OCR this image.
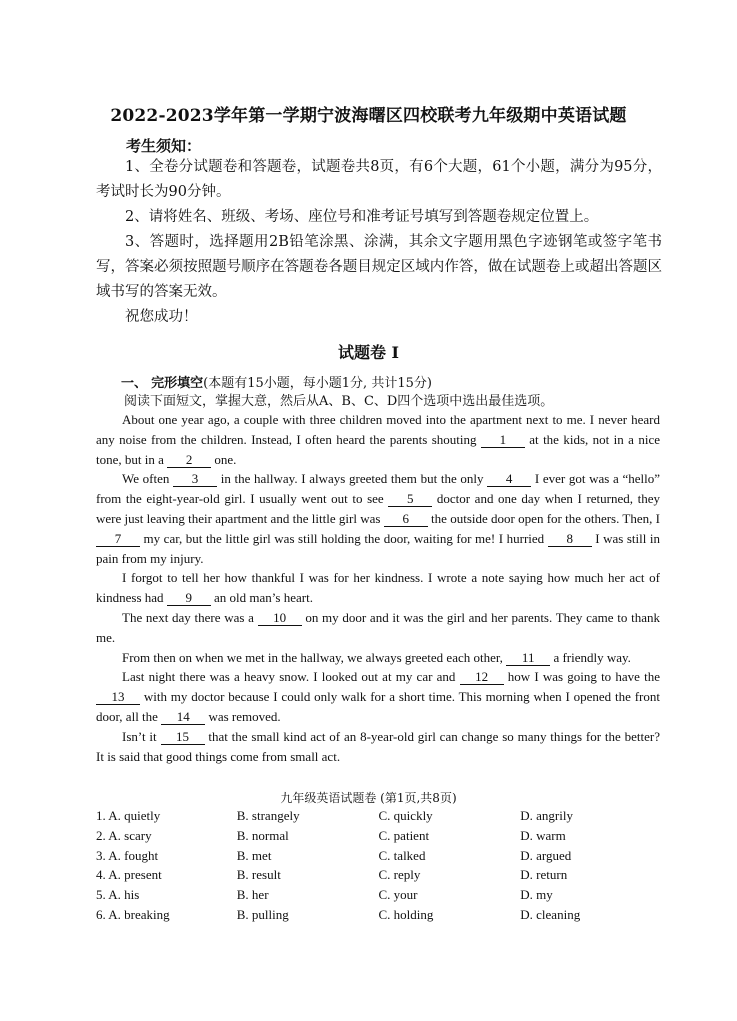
2022-2023学年第一学期宁波海曙区四校联考九年级期中英语试题
考生须知：

1、全卷分试题卷和答题卷，试题卷共8页，有6个大题，61个小题，满分为95分，考试时长为90分钟。

2、请将姓名、班级、考场、座位号和准考证号填写到答题卷规定位置上。

3、答题时，选择题用2B铅笔涂黑、涂满，其余文字题用黑色字迹钢笔或签字笔书写，答案必须按照题号顺序在答题卷各题目规定区域内作答，做在试题卷上或超出答题区域书写的答案无效。

祝您成功！

试题卷 I
一、 完形填空(本题有15小题，每小题1分, 共计15分)
阅读下面短文，掌握大意，然后从A、B、C、D四个选项中选出最佳选项。

About one year ago, a couple with three children moved into the apartment next to me. I never heard any noise from the children. Instead, I often heard the parents shouting 1 at the kids, not in a nice tone, but in a 2 one.

We often 3 in the hallway. I always greeted them but the only 4 I ever got was a “hello” from the eight-year-old girl. I usually went out to see 5 doctor and one day when I returned, they were just leaving their apartment and the little girl was 6 the outside door open for the others. Then, I 7 my car, but the little girl was still holding the door, waiting for me! I hurried 8 I was still in pain from my injury.

I forgot to tell her how thankful I was for her kindness. I wrote a note saying how much her act of kindness had 9 an old man’s heart.

The next day there was a 10 on my door and it was the girl and her parents. They came to thank me.

From then on when we met in the hallway, we always greeted each other, 11 a friendly way.

Last night there was a heavy snow. I looked out at my car and 12 how I was going to have the 13 with my doctor because I could only walk for a short time. This morning when I opened the front door, all the 14 was removed.

Isn’t it 15 that the small kind act of an 8-year-old girl can change so many things for the better? It is said that good things come from small act.

九年级英语试题卷 (第1页,共8页)
1. A. quietly	B. strangely	C. quickly	D. angrily
2. A. scary	B. normal	C. patient	D. warm
3. A. fought	B. met	C. talked	D. argued
4. A. present	B. result	C. reply	D. return
5. A. his	B. her	C. your	D. my
6. A. breaking	B. pulling	C. holding	D. cleaning
